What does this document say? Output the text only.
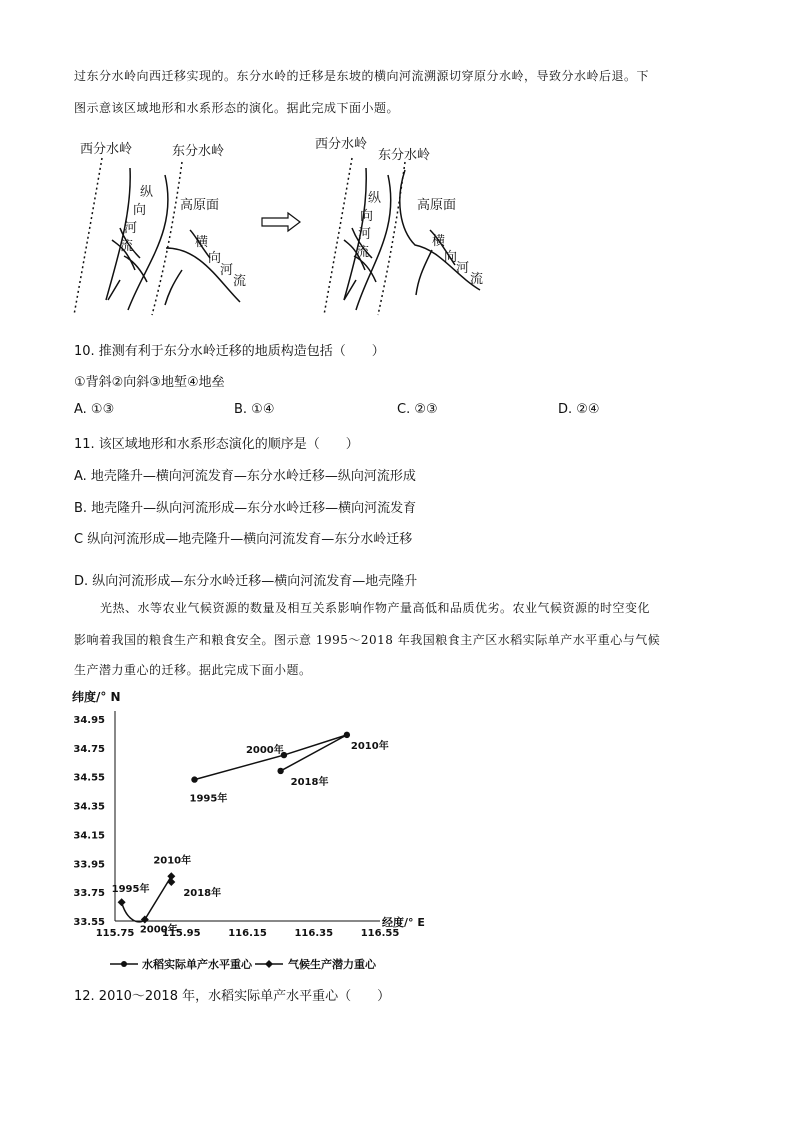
过东分水岭向西迁移实现的。东分水岭的迁移是东坡的横向河流溯源切穿原分水岭，导致分水岭后退。下
图示意该区域地形和水系形态的演化。据此完成下面小题。
西分水岭	东分水岭
纵
向
河
流
高原面
横
向
河
流
西分水岭
东分水岭
纵
向
河
流
高原面
横
向
河
流
10. 推测有利于东分水岭迁移的地质构造包括（　　）
①背斜②向斜③地堑④地垒
A. ①③	B. ①④	C. ②③	D. ②④
11. 该区域地形和水系形态演化的顺序是（　　）
A. 地壳隆升—横向河流发育—东分水岭迁移—纵向河流形成
B. 地壳隆升—纵向河流形成—东分水岭迁移—横向河流发育
C 纵向河流形成—地壳隆升—横向河流发育—东分水岭迁移
D. 纵向河流形成—东分水岭迁移—横向河流发育—地壳隆升
光热、水等农业气候资源的数量及相互关系影响作物产量高低和品质优劣。农业气候资源的时空变化
影响着我国的粮食生产和粮食安全。图示意 1995～2018 年我国粮食主产区水稻实际单产水平重心与气候
生产潜力重心的迁移。据此完成下面小题。
纬度/° N
经度/° E
34.95
34.75
34.55
34.35
34.15
33.95
33.75
33.55
115.75	115.95	116.15	116.35	116.55
1995年
2000年	2010年
2018年
1995年
2000年
2010年
2018年
水稻实际单产水平重心	气候生产潜力重心
12. 2010～2018 年，水稻实际单产水平重心（　　）
